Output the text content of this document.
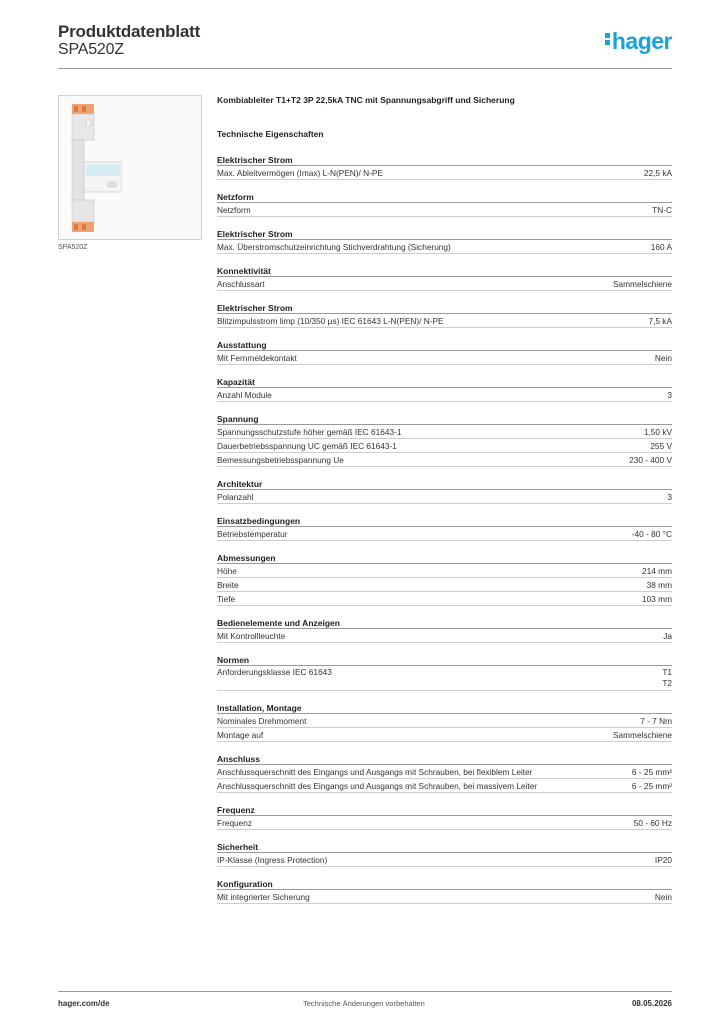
Produktdatenblatt
SPA520Z	hager
SPA520Z
Kombiableiter T1+T2 3P 22,5kA TNC mit Spannungsabgriff und Sicherung
Technische Eigenschaften
Elektrischer Strom
Max. Ableitvermögen (Imax) L-N(PEN)/ N-PE	22,5 kA
Netzform
Netzform	TN-C
Elektrischer Strom
Max. Überstromschutzeinrichtung Stichverdrahtung (Sicherung)	160 A
Konnektivität
Anschlussart	Sammelschiene
Elektrischer Strom
Blitzimpulsstrom limp (10/350 µs) IEC 61643 L-N(PEN)/ N-PE	7,5 kA
Ausstattung
Mit Fernmeldekontakt	Nein
Kapazität
Anzahl Module	3
Spannung
Spannungsschutzstufe höher gemäß IEC 61643-1	1,50 kV
Dauerbetriebsspannung UC gemäß IEC 61643-1	255 V
Bemessungsbetriebsspannung Ue	230 - 400 V
Architektur
Polanzahl	3
Einsatzbedingungen
Betriebstemperatur	-40 - 80 °C
Abmessungen
Höhe	214 mm
Breite	38 mm
Tiefe	103 mm
Bedienelemente und Anzeigen
Mit Kontrollleuchte	Ja
Normen
Anforderungsklasse IEC 61643	T1
T2
Installation, Montage
Nominales Drehmoment	7 - 7 Nm
Montage auf	Sammelschiene
Anschluss
Anschlussquerschnitt des Eingangs und Ausgangs mit Schrauben, bei flexiblem Leiter	6 - 25 mm²
Anschlussquerschnitt des Eingangs und Ausgangs mit Schrauben, bei massivem Leiter	6 - 25 mm²
Frequenz
Frequenz	50 - 60 Hz
Sicherheit
IP-Klasse (Ingress Protection)	IP20
Konfiguration
Mit integrierter Sicherung	Nein
hager.com/de	Technische Änderungen vorbehalten	08.05.2026
